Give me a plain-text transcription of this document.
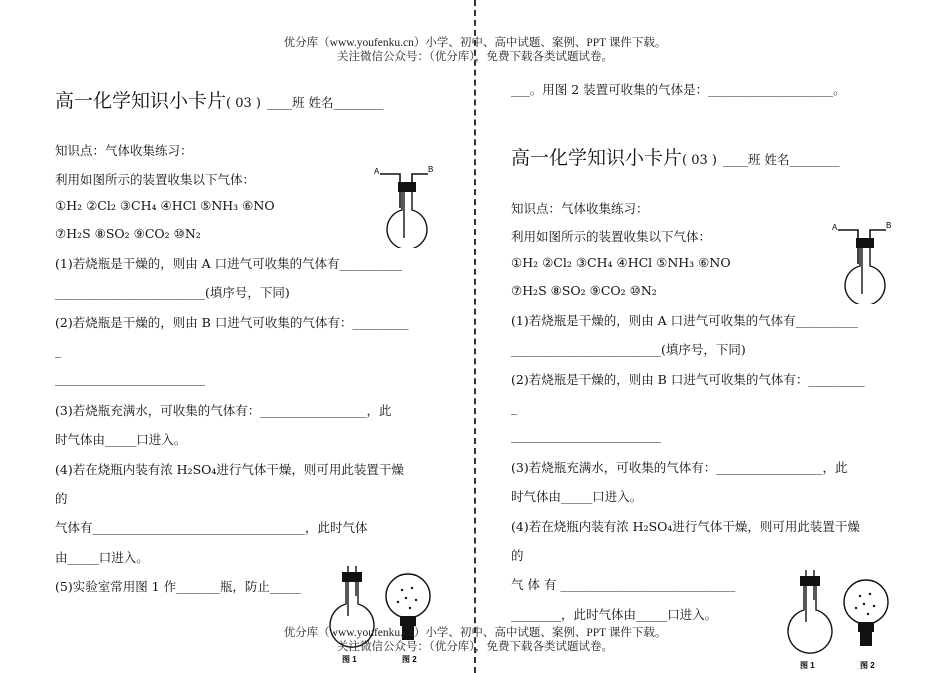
优分库（www.youfenku.cn）小学、初中、高中试题、案例、PPT 课件下载。
关注微信公众号：（优分库），免费下载各类试题试卷。
高一化学知识小卡片( 03 ) ____班 姓名________
知识点：气体收集练习：
利用如图所示的装置收集以下气体：
①H₂ ②Cl₂ ③CH₄ ④HCl ⑤NH₃ ⑥NO
⑦H₂S ⑧SO₂ ⑨CO₂ ⑩N₂
(1)若烧瓶是干燥的，则由 A 口进气可收集的气体有__________
________________________(填序号，下同)
(2)若烧瓶是干燥的，则由 B 口进气可收集的气体有：_________
_
________________________
(3)若烧瓶充满水，可收集的气体有：_________________，此
时气体由_____口进入。
(4)若在烧瓶内装有浓 H₂SO₄进行气体干燥，则可用此装置干燥
的
气体有__________________________________，此时气体
由_____口进入。
(5)实验室常用图 1 作_______瓶，防止_____
A	B
图 1	图 2
___。用图 2 装置可收集的气体是：____________________。
高一化学知识小卡片( 03 ) ____班 姓名________
知识点：气体收集练习：
利用如图所示的装置收集以下气体：
①H₂ ②Cl₂ ③CH₄ ④HCl ⑤NH₃ ⑥NO
⑦H₂S ⑧SO₂ ⑨CO₂ ⑩N₂
(1)若烧瓶是干燥的，则由 A 口进气可收集的气体有__________
________________________(填序号，下同)
(2)若烧瓶是干燥的，则由 B 口进气可收集的气体有：_________
_
________________________
(3)若烧瓶充满水，可收集的气体有：_________________，此
时气体由_____口进入。
(4)若在烧瓶内装有浓 H₂SO₄进行气体干燥，则可用此装置干燥
的
气 体 有 ____________________________
________，此时气体由_____口进入。
A	B
图 1	图 2
优分库（www.youfenku.cn）小学、初中、高中试题、案例、PPT 课件下载。
关注微信公众号：（优分库），免费下载各类试题试卷。
